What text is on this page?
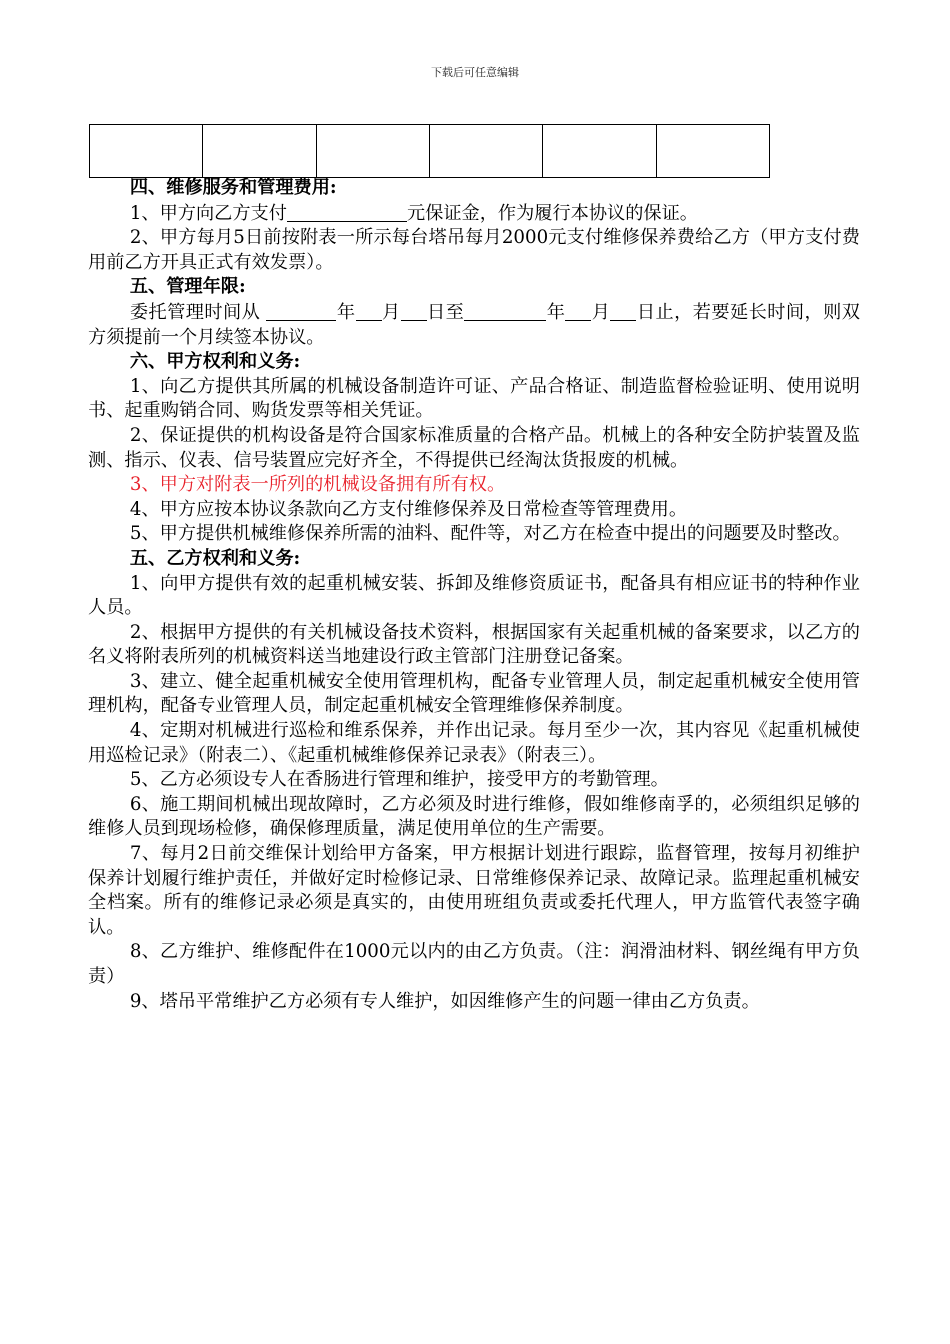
下载后可任意编辑

四、维修服务和管理费用:

1、甲方向乙方支付	元保证金，作为履行本协议的保证。

2、甲方每月5日前按附表一所示每台塔吊每月2000元支付维修保养费给乙方（甲方支付费用前乙方开具正式有效发票）。

五、管理年限:

委托管理时间从	年 月 日至	年 月 日止，若要延长时间，则双方须提前一个月续签本协议。

六、甲方权利和义务:

1、向乙方提供其所属的机械设备制造许可证、产品合格证、制造监督检验证明、使用说明书、起重购销合同、购货发票等相关凭证。

2、保证提供的机构设备是符合国家标准质量的合格产品。机械上的各种安全防护装置及监测、指示、仪表、信号装置应完好齐全，不得提供已经淘汰货报废的机械。

3、甲方对附表一所列的机械设备拥有所有权。

4、甲方应按本协议条款向乙方支付维修保养及日常检查等管理费用。

5、甲方提供机械维修保养所需的油料、配件等，对乙方在检查中提出的问题要及时整改。

五、乙方权利和义务:

1、向甲方提供有效的起重机械安装、拆卸及维修资质证书，配备具有相应证书的特种作业人员。

2、根据甲方提供的有关机械设备技术资料，根据国家有关起重机械的备案要求，以乙方的名义将附表所列的机械资料送当地建设行政主管部门注册登记备案。

3、建立、健全起重机械安全使用管理机构，配备专业管理人员，制定起重机械安全使用管理机构，配备专业管理人员，制定起重机械安全管理维修保养制度。

4、定期对机械进行巡检和维系保养，并作出记录。每月至少一次，其内容见《起重机械使用巡检记录》（附表二）、《起重机械维修保养记录表》（附表三）。

5、乙方必须设专人在香肠进行管理和维护，接受甲方的考勤管理。

6、施工期间机械出现故障时，乙方必须及时进行维修，假如维修南孚的，必须组织足够的维修人员到现场检修，确保修理质量，满足使用单位的生产需要。

7、每月2日前交维保计划给甲方备案，甲方根据计划进行跟踪，监督管理，按每月初维护保养计划履行维护责任，并做好定时检修记录、日常维修保养记录、故障记录。监理起重机械安全档案。所有的维修记录必须是真实的，由使用班组负责或委托代理人，甲方监管代表签字确认。

8、乙方维护、维修配件在1000元以内的由乙方负责。（注：润滑油材料、钢丝绳有甲方负责）

9、塔吊平常维护乙方必须有专人维护，如因维修产生的问题一律由乙方负责。
